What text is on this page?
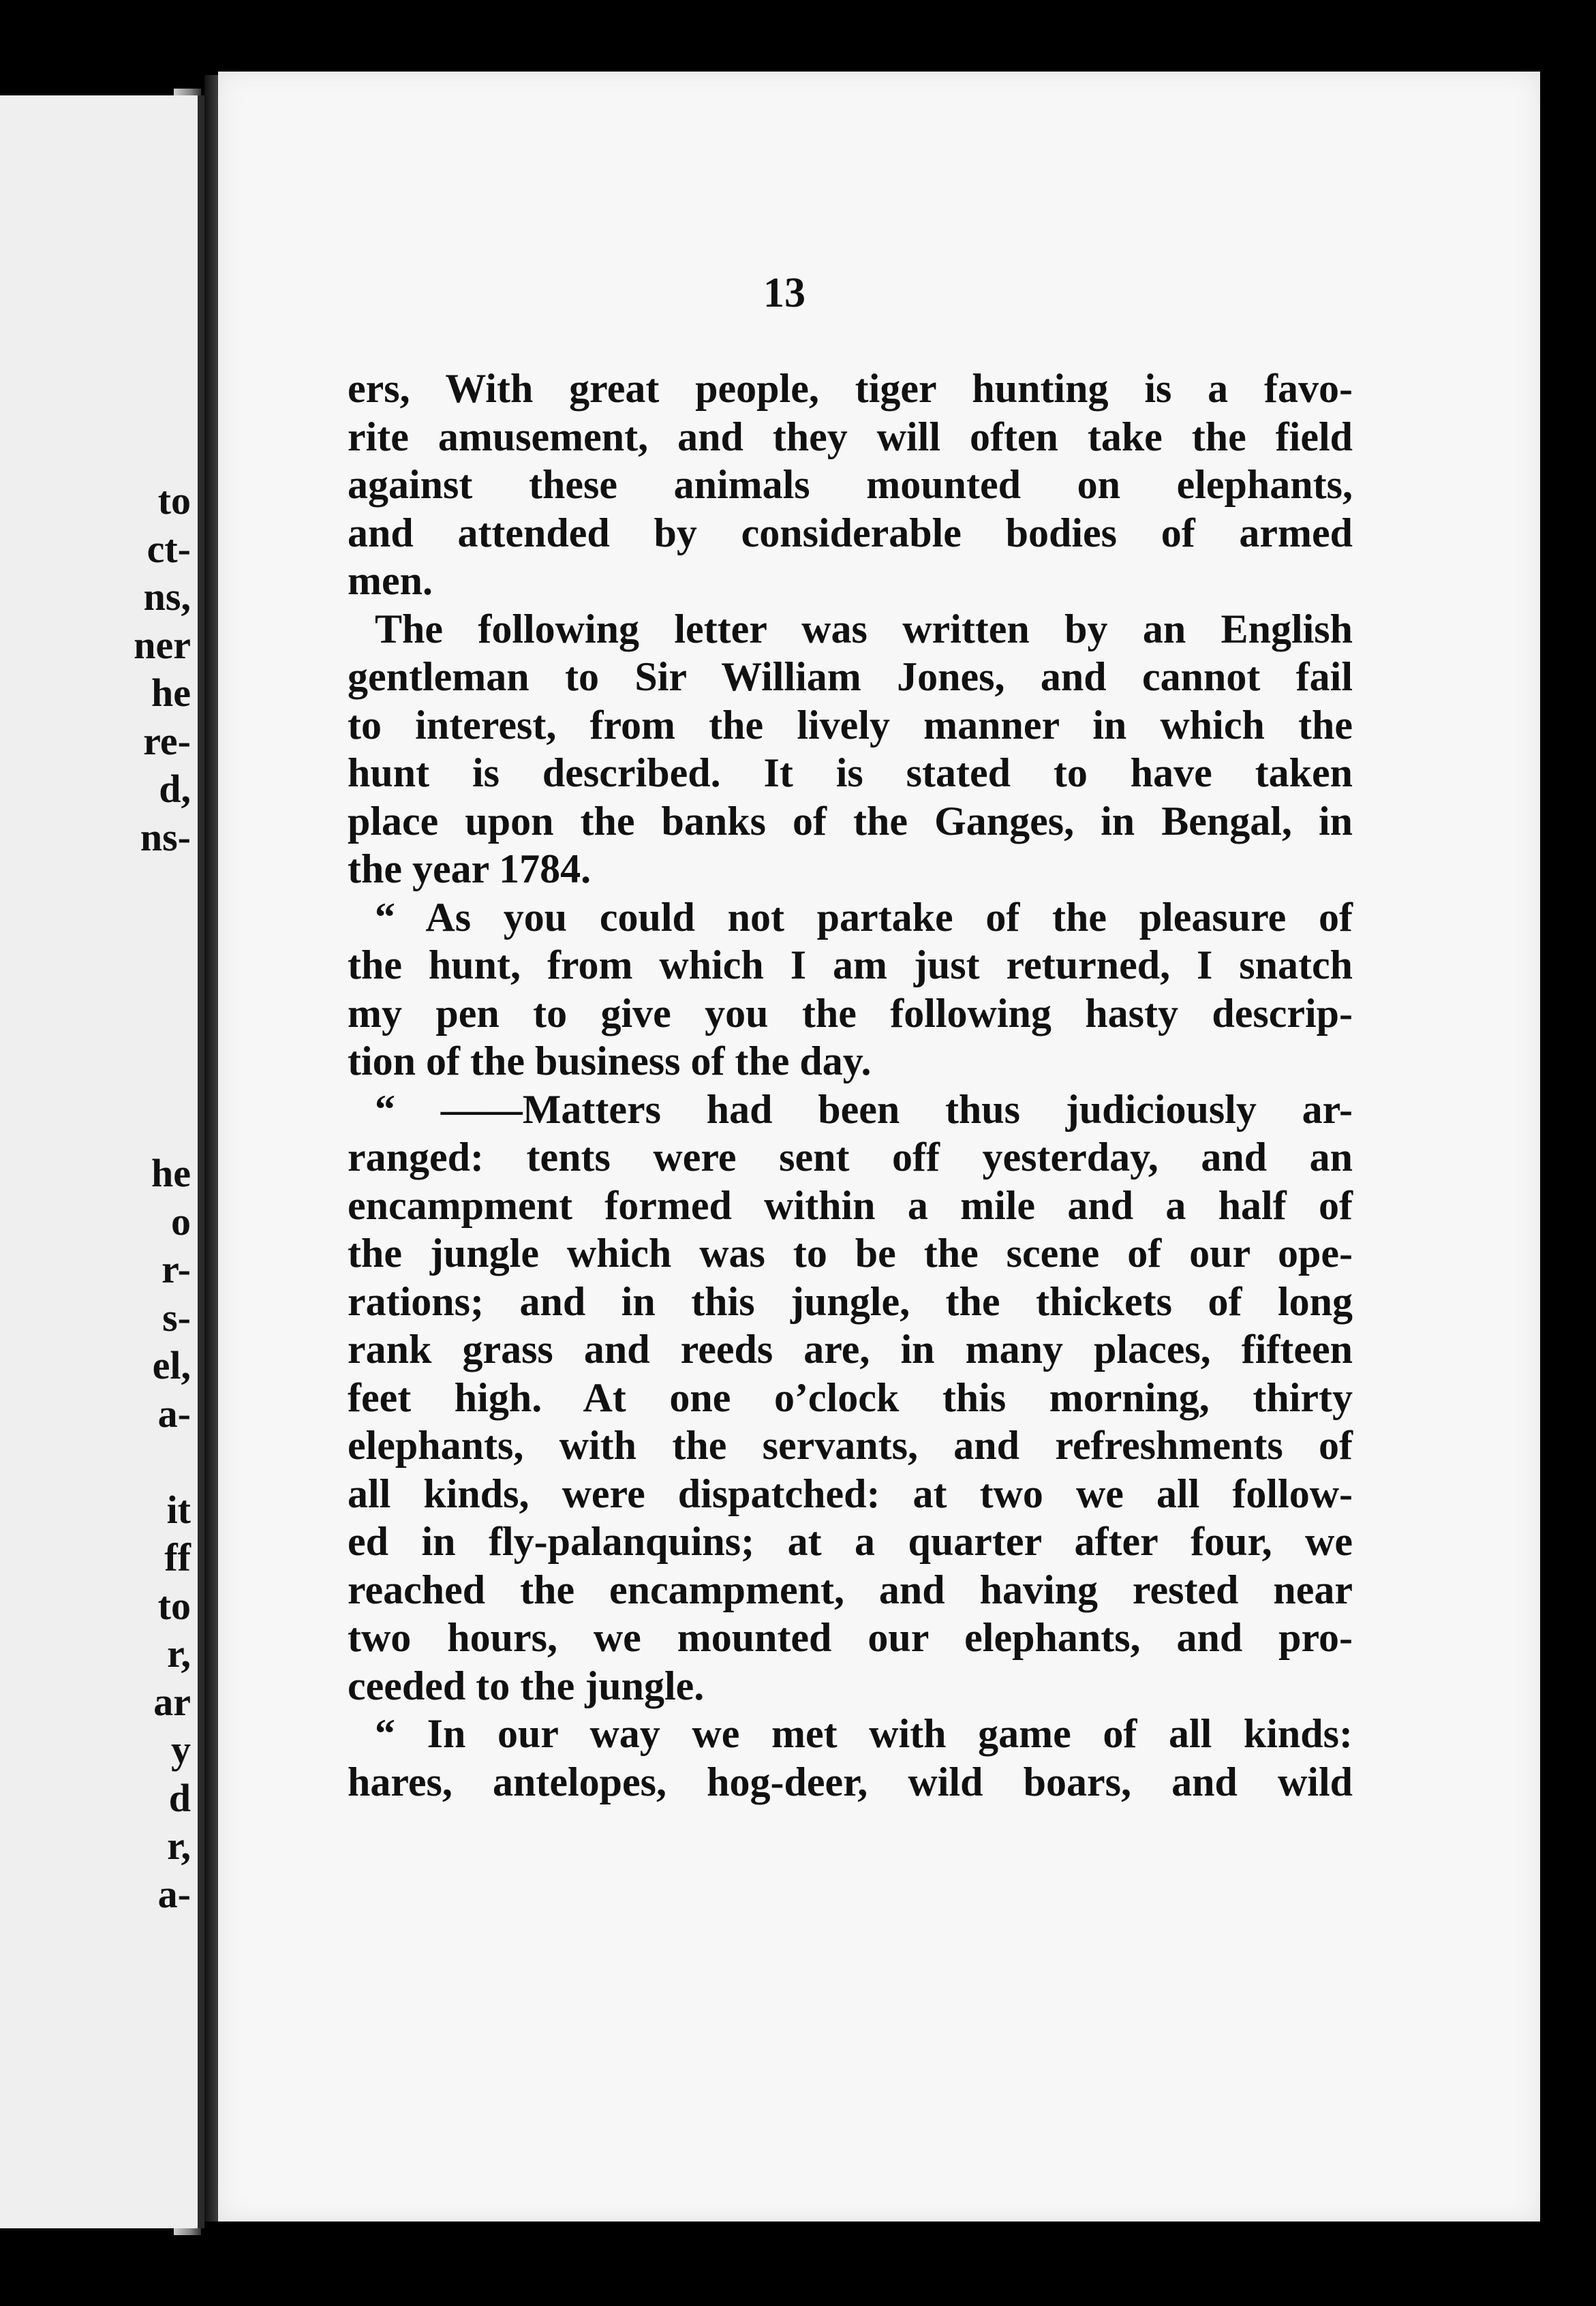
to
ct-
ns,
ner
he
re-
d,
ns-
he
o
r-
s-
el,
a-
it
ff
to
r,
ar
y
d
r,
a-
13
ers, With great people, tiger hunting is a favo-
rite amusement, and they will often take the field
against these animals mounted on elephants,
and attended by considerable bodies of armed
men.
The following letter was written by an English
gentleman to Sir William Jones, and cannot fail
to interest, from the lively manner in which the
hunt is described. It is stated to have taken
place upon the banks of the Ganges, in Bengal, in
the year 1784.
“ As you could not partake of the pleasure of
the hunt, from which I am just returned, I snatch
my pen to give you the following hasty descrip-
tion of the business of the day.
“ ——Matters had been thus judiciously ar-
ranged: tents were sent off yesterday, and an
encampment formed within a mile and a half of
the jungle which was to be the scene of our ope-
rations; and in this jungle, the thickets of long
rank grass and reeds are, in many places, fifteen
feet high. At one o’clock this morning, thirty
elephants, with the servants, and refreshments of
all kinds, were dispatched: at two we all follow-
ed in fly-palanquins; at a quarter after four, we
reached the encampment, and having rested near
two hours, we mounted our elephants, and pro-
ceeded to the jungle.
“ In our way we met with game of all kinds:
hares, antelopes, hog-deer, wild boars, and wild
